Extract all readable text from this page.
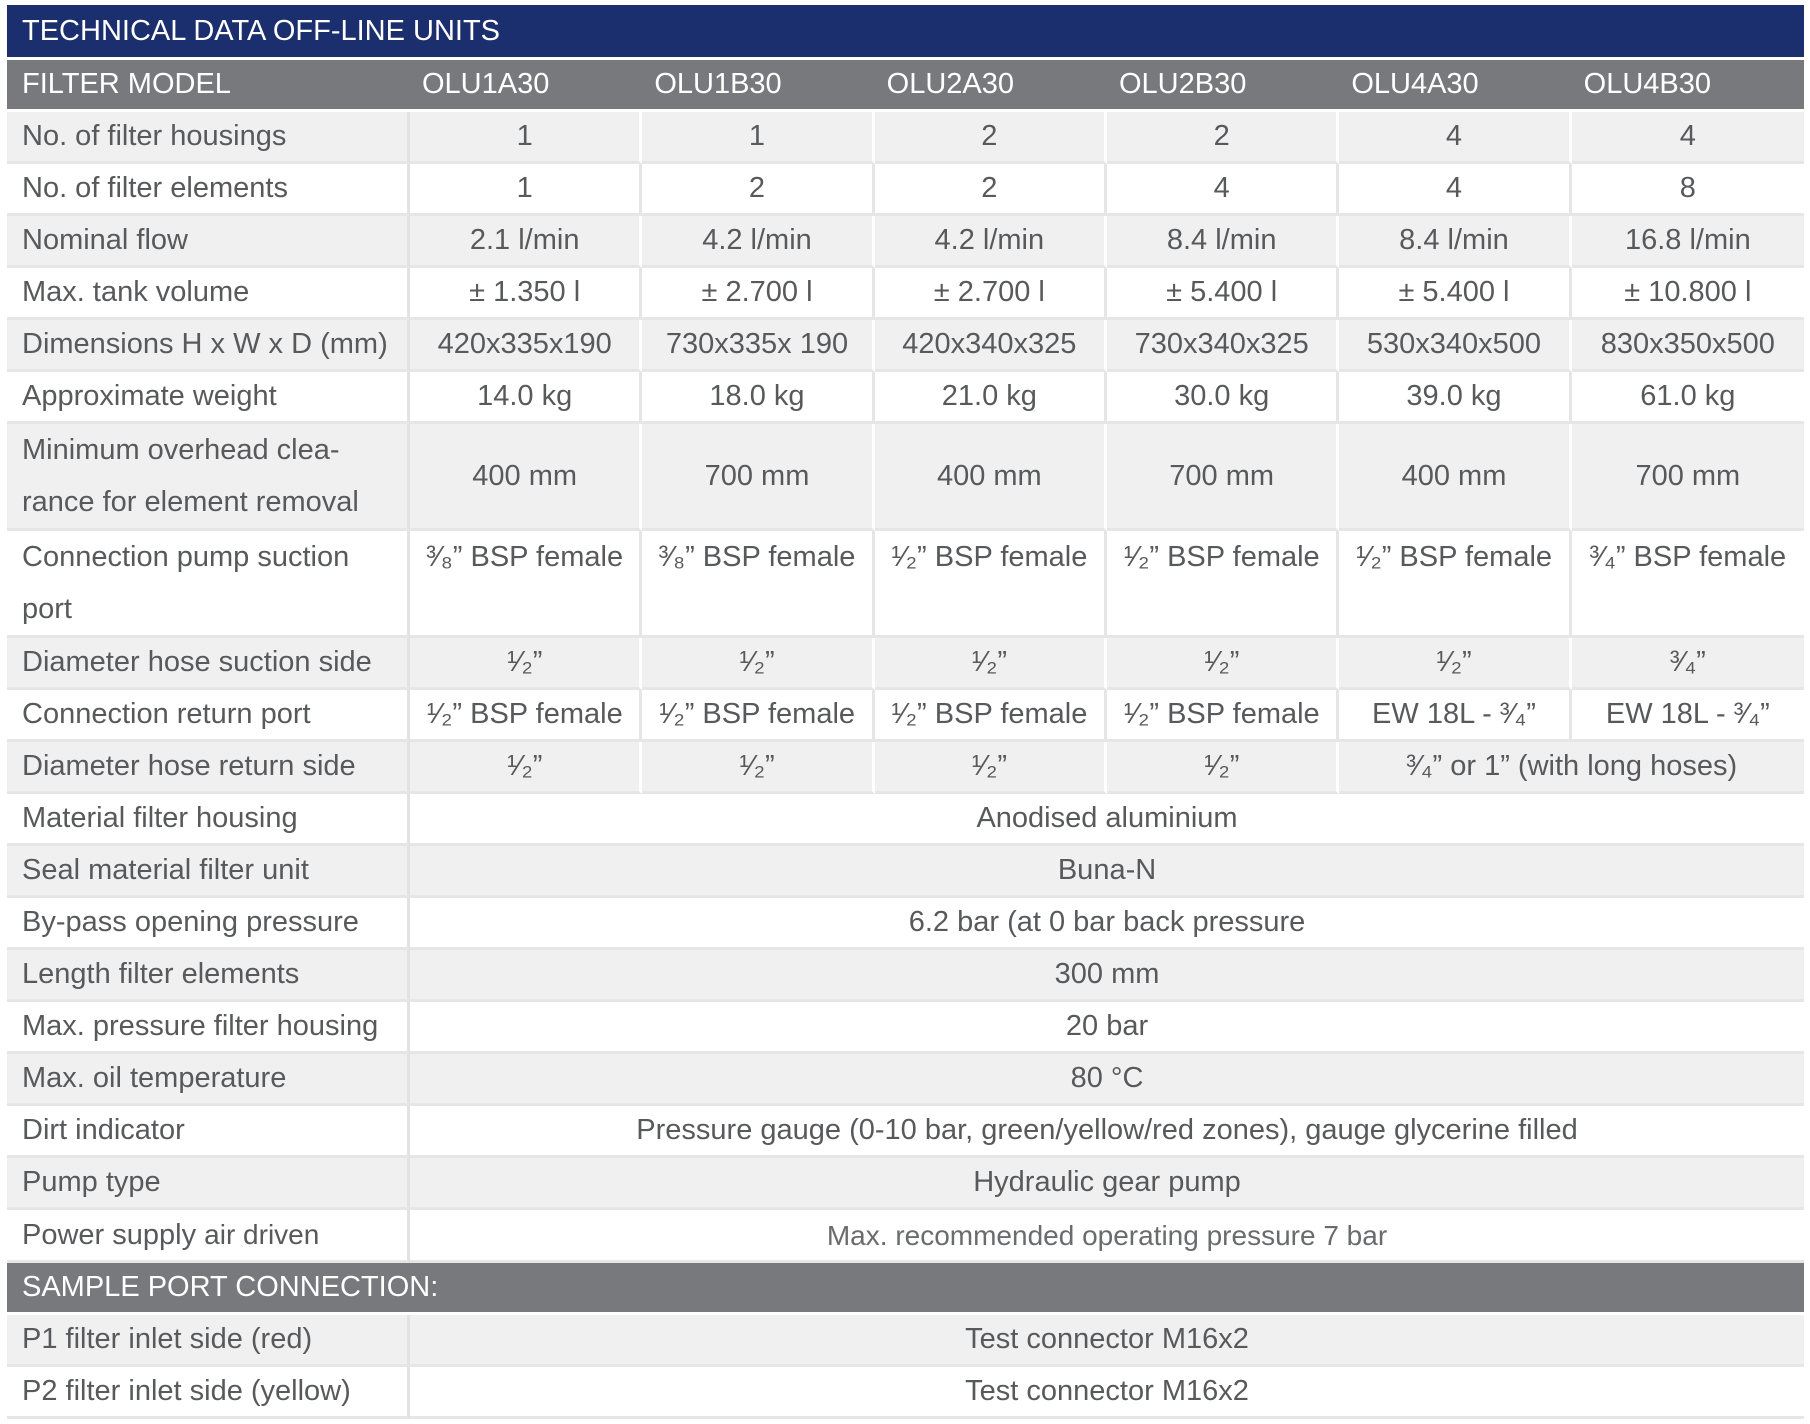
TECHNICAL DATA OFF-LINE UNITS						
FILTER MODEL	OLU1A30	OLU1B30	OLU2A30	OLU2B30	OLU4A30	OLU4B30
No. of filter housings	1	1	2	2	4	4
No. of filter elements	1	2	2	4	4	8
Nominal flow	2.1 l/min	4.2 l/min	4.2 l/min	8.4 l/min	8.4 l/min	16.8 l/min
Max. tank volume	± 1.350 l	± 2.700 l	± 2.700 l	± 5.400 l	± 5.400 l	± 10.800 l
Dimensions H x W x D (mm)	420x335x190	730x335x 190	420x340x325	730x340x325	530x340x500	830x350x500
Approximate weight	14.0 kg	18.0 kg	21.0 kg	30.0 kg	39.0 kg	61.0 kg

Minimum overhead clea-
rance for element removal	400 mm	700 mm	400 mm	700 mm	400 mm	700 mm

Connection pump suction
port	³⁄₈” BSP female	³⁄₈” BSP female	¹⁄₂” BSP female	¹⁄₂” BSP female	¹⁄₂” BSP female	³⁄₄” BSP female
Diameter hose suction side	¹⁄₂”	¹⁄₂”	¹⁄₂”	¹⁄₂”	¹⁄₂”	³⁄₄”
Connection return port	¹⁄₂” BSP female	¹⁄₂” BSP female	¹⁄₂” BSP female	¹⁄₂” BSP female	EW 18L - ³⁄₄”	EW 18L - ³⁄₄”
Diameter hose return side	¹⁄₂”	¹⁄₂”	¹⁄₂”	¹⁄₂”	³⁄₄” or 1” (with long hoses)	
Material filter housing	Anodised aluminium					
Seal material filter unit	Buna-N					
By-pass opening pressure	6.2 bar (at 0 bar back pressure					
Length filter elements	300 mm					
Max. pressure filter housing	20 bar					
Max. oil temperature	80 °C					
Dirt indicator	Pressure gauge (0-10 bar, green/yellow/red zones), gauge glycerine filled					
Pump type	Hydraulic gear pump					
Power supply air driven	Max. recommended operating pressure 7 bar					
SAMPLE PORT CONNECTION:						
P1 filter inlet side (red)	Test connector M16x2					
P2 filter inlet side (yellow)	Test connector M16x2					
